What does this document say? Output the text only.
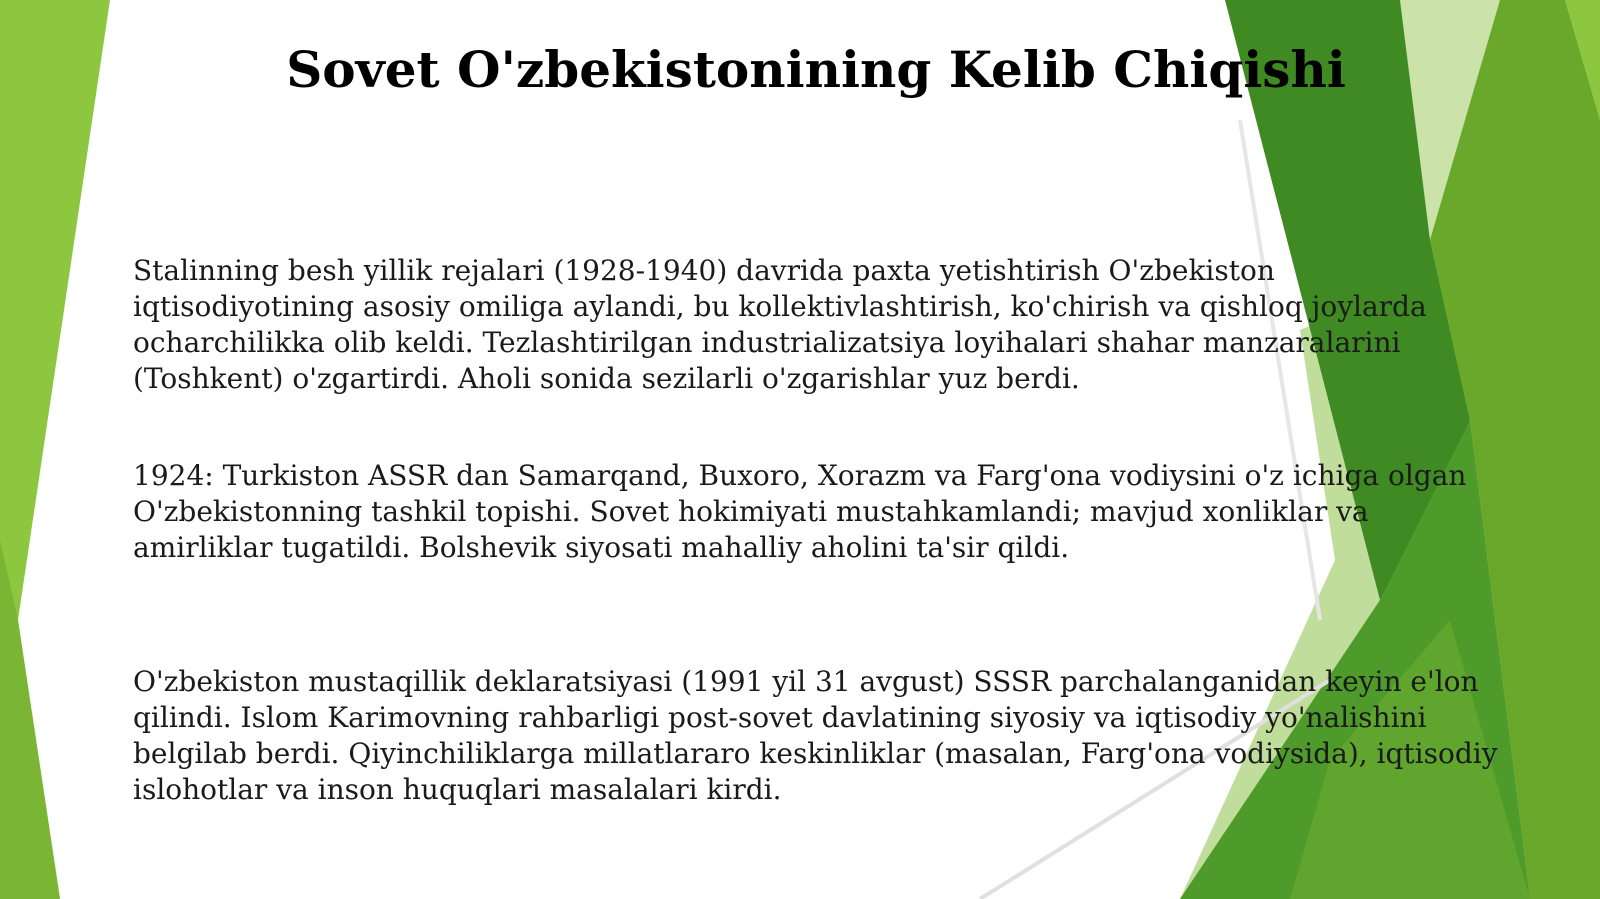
Sovet O'zbekistonining Kelib Chiqishi
Stalinning besh yillik rejalari (1928-1940) davrida paxta yetishtirish O'zbekiston
iqtisodiyotining asosiy omiliga aylandi, bu kollektivlashtirish, ko'chirish va qishloq joylarda
ocharchilikka olib keldi. Tezlashtirilgan industrializatsiya loyihalari shahar manzaralarini
(Toshkent) o'zgartirdi. Aholi sonida sezilarli o'zgarishlar yuz berdi.
1924: Turkiston ASSR dan Samarqand, Buxoro, Xorazm va Farg'ona vodiysini o'z ichiga olgan
O'zbekistonning tashkil topishi. Sovet hokimiyati mustahkamlandi; mavjud xonliklar va
amirliklar tugatildi. Bolshevik siyosati mahalliy aholini ta'sir qildi.
O'zbekiston mustaqillik deklaratsiyasi (1991 yil 31 avgust) SSSR parchalanganidan keyin e'lon
qilindi. Islom Karimovning rahbarligi post-sovet davlatining siyosiy va iqtisodiy yo'nalishini
belgilab berdi. Qiyinchiliklarga millatlararo keskinliklar (masalan, Farg'ona vodiysida), iqtisodiy
islohotlar va inson huquqlari masalalari kirdi.
